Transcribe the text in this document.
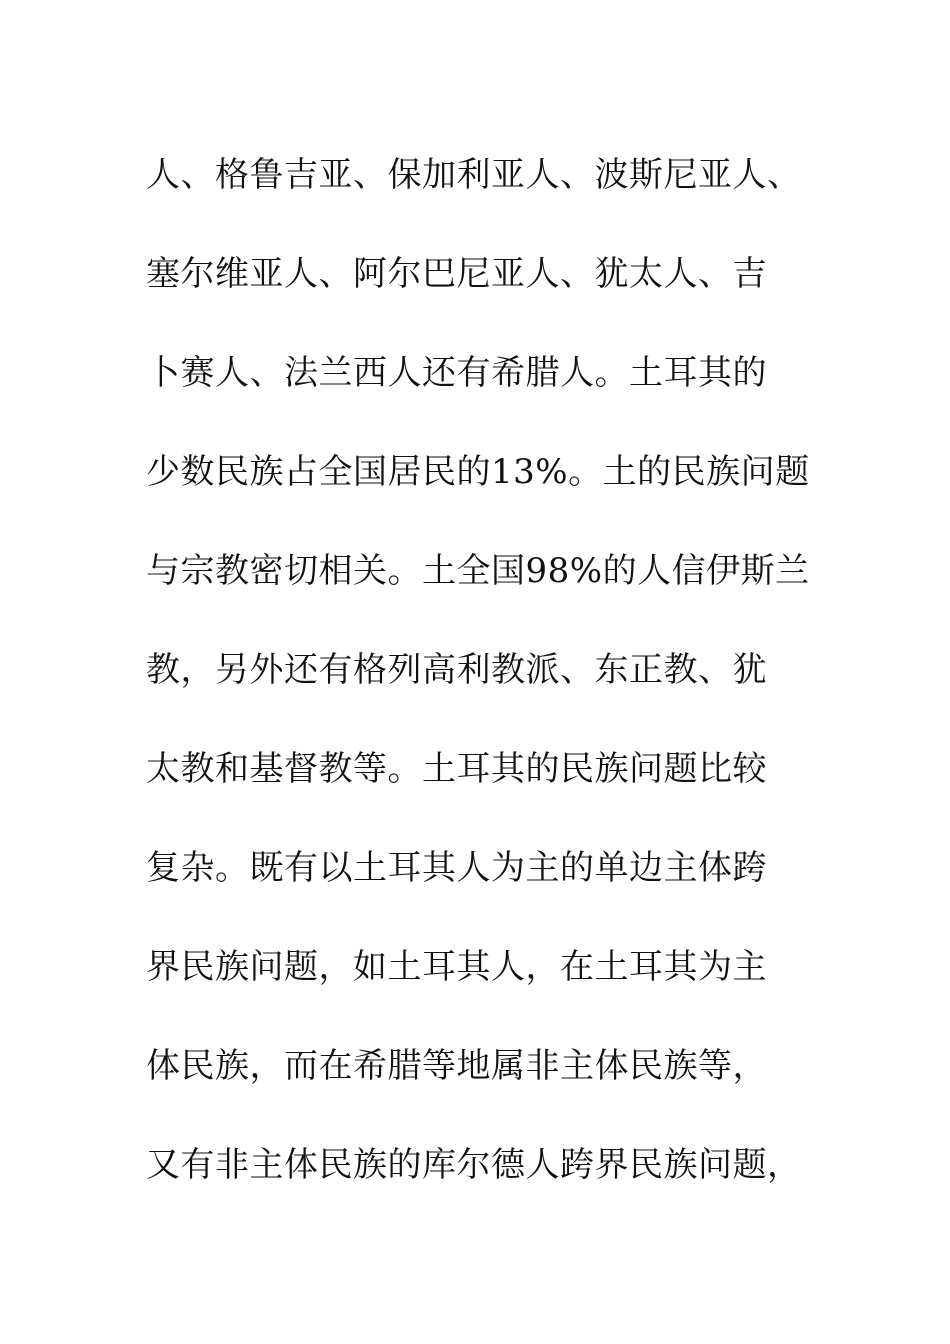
人、格鲁吉亚、保加利亚人、波斯尼亚人、
塞尔维亚人、阿尔巴尼亚人、犹太人、吉
卜赛人、法兰西人还有希腊人。土耳其的
少数民族占全国居民的13%。土的民族问题
与宗教密切相关。土全国98%的人信伊斯兰
教，另外还有格列高利教派、东正教、犹
太教和基督教等。土耳其的民族问题比较
复杂。既有以土耳其人为主的单边主体跨
界民族问题，如土耳其人，在土耳其为主
体民族，而在希腊等地属非主体民族等，
又有非主体民族的库尔德人跨界民族问题，
